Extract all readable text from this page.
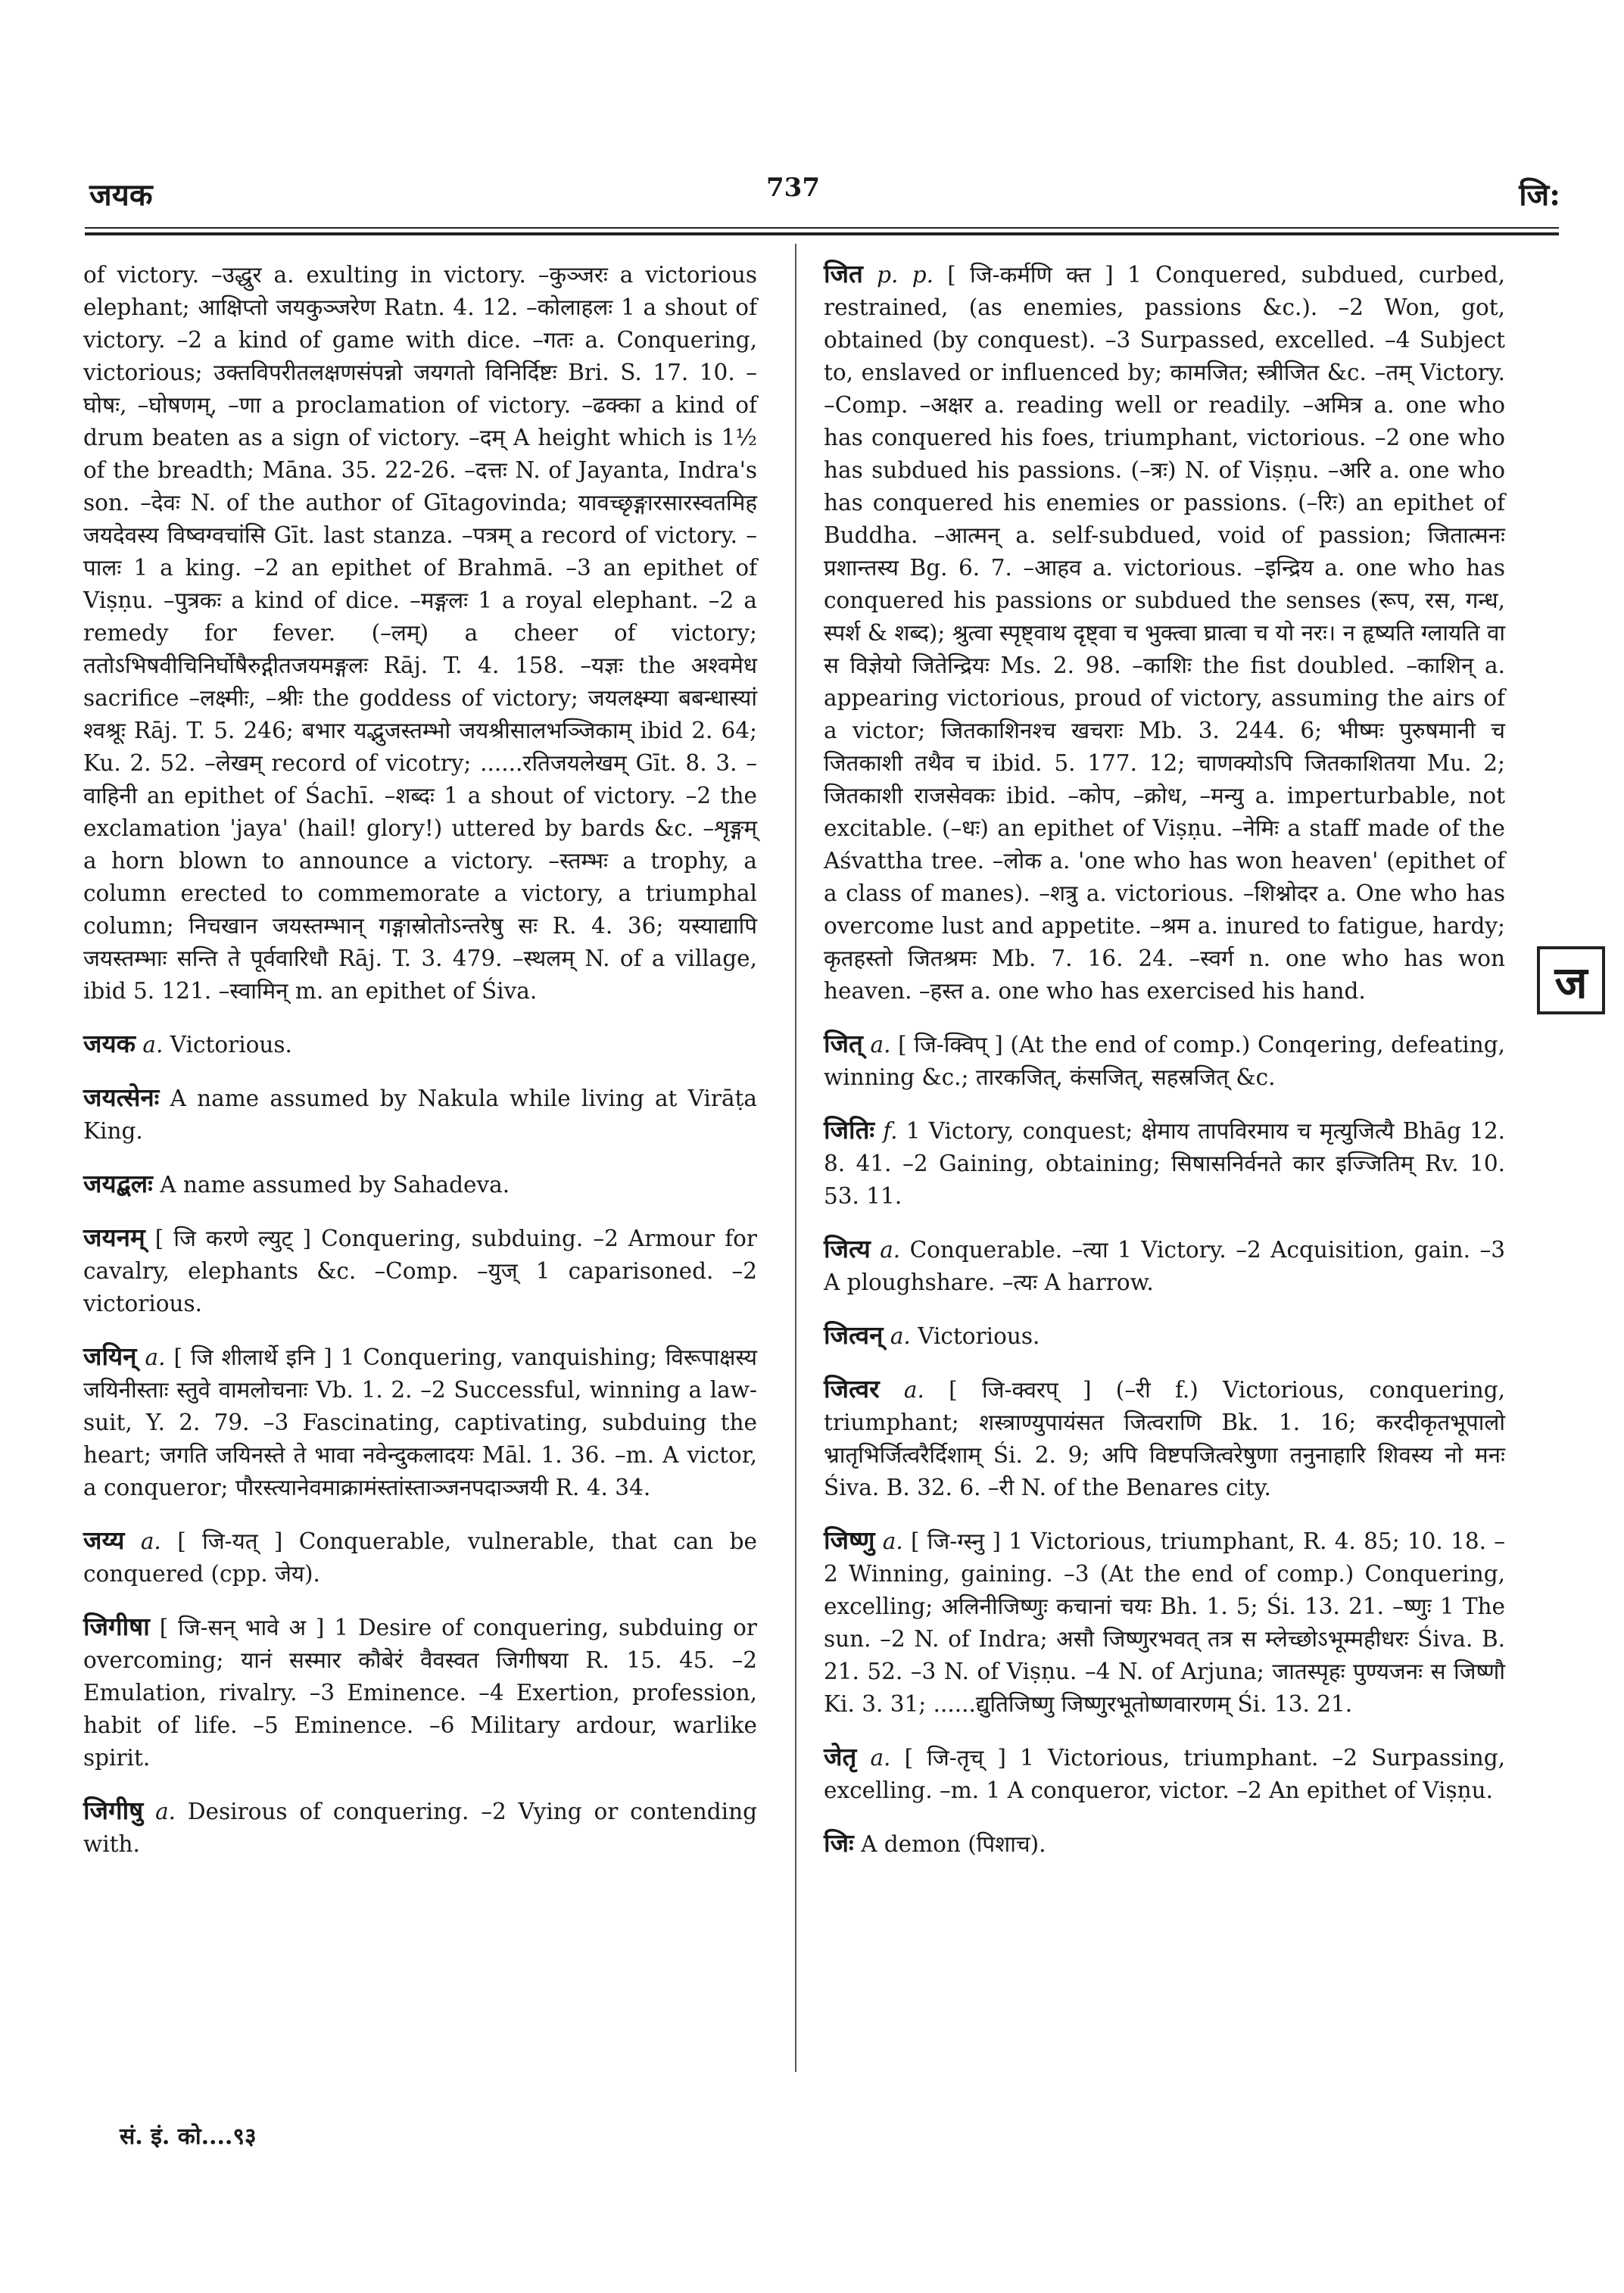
जयक	737	जि:

of victory. –उद्धुर a. exulting in victory. –कुञ्जरः a victorious elephant; आक्षिप्तो जयकुञ्जरेण Ratn. 4. 12. –कोलाहलः 1 a shout of victory. –2 a kind of game with dice. –गतः a. Conquering, victorious; उक्तविपरीतलक्षणसंपन्नो जयगतो विनिर्दिष्टः Bri. S. 17. 10. –घोषः, –घोषणम्, –णा a proclamation of victory. –ढक्का a kind of drum beaten as a sign of victory. –दम् A height which is 1½ of the breadth; Māna. 35. 22-26. –दत्तः N. of Jayanta, Indra's son. –देवः N. of the author of Gītagovinda; यावच्छृङ्गारसारस्वतमिह जयदेवस्य विष्वग्वचांसि Gīt. last stanza. –पत्रम् a record of victory. –पालः 1 a king. –2 an epithet of Brahmā. –3 an epithet of Viṣṇu. –पुत्रकः a kind of dice. –मङ्गलः 1 a royal elephant. –2 a remedy for fever. (–लम्) a cheer of victory; ततोऽभिषवीचिनिर्घोषैरुद्गीतजयमङ्गलः Rāj. T. 4. 158. –यज्ञः the अश्वमेध sacrifice –लक्ष्मीः, –श्रीः the goddess of victory; जयलक्ष्म्या बबन्धास्यां श्वश्रूः Rāj. T. 5. 246; बभार यद्भुजस्तम्भो जयश्रीसालभञ्जिकाम् ibid 2. 64; Ku. 2. 52. –लेखम् record of vicotry; ......रतिजयलेखम् Gīt. 8. 3. –वाहिनी an epithet of Śachī. –शब्दः 1 a shout of victory. –2 the exclamation 'jaya' (hail! glory!) uttered by bards &c. –शृङ्गम् a horn blown to announce a victory. –स्तम्भः a trophy, a column erected to commemorate a victory, a triumphal column; निचखान जयस्तम्भान् गङ्गास्रोतोऽन्तरेषु सः R. 4. 36; यस्याद्यापि जयस्तम्भाः सन्ति ते पूर्ववारिधौ Rāj. T. 3. 479. –स्थलम् N. of a village, ibid 5. 121. –स्वामिन् m. an epithet of Śiva.

जयक a. Victorious.

जयत्सेनः A name assumed by Nakula while living at Virāṭa King.

जयद्बलः A name assumed by Sahadeva.

जयनम् [ जि करणे ल्युट् ] Conquering, subduing. –2 Armour for cavalry, elephants &c. –Comp. –युज् 1 caparisoned. –2 victorious.

जयिन् a. [ जि शीलार्थे इनि ] 1 Conquering, vanquishing; विरूपाक्षस्य जयिनीस्ताः स्तुवे वामलोचनाः Vb. 1. 2. –2 Successful, winning a law-suit, Y. 2. 79. –3 Fascinating, captivating, subduing the heart; जगति जयिनस्ते ते भावा नवेन्दुकलादयः Māl. 1. 36. –m. A victor, a conqueror; पौरस्त्यानेवमाक्रामंस्तांस्ताञ्जनपदाञ्जयी R. 4. 34.

जय्य a. [ जि-यत् ] Conquerable, vulnerable, that can be conquered (cpp. जेय).

जिगीषा [ जि-सन् भावे अ ] 1 Desire of conquering, subduing or overcoming; यानं सस्मार कौबेरं वैवस्वत जिगीषया R. 15. 45. –2 Emulation, rivalry. –3 Eminence. –4 Exertion, profession, habit of life. –5 Eminence. –6 Military ardour, warlike spirit.

जिगीषु a. Desirous of conquering. –2 Vying or contending with.

जित p. p. [ जि-कर्मणि क्त ] 1 Conquered, subdued, curbed, restrained, (as enemies, passions &c.). –2 Won, got, obtained (by conquest). –3 Surpassed, excelled. –4 Subject to, enslaved or influenced by; कामजित; स्त्रीजित &c. –तम् Victory. –Comp. –अक्षर a. reading well or readily. –अमित्र a. one who has conquered his foes, triumphant, victorious. –2 one who has subdued his passions. (–त्रः) N. of Viṣṇu. –अरि a. one who has conquered his enemies or passions. (–रिः) an epithet of Buddha. –आत्मन् a. self-subdued, void of passion; जितात्मनः प्रशान्तस्य Bg. 6. 7. –आहव a. victorious. –इन्द्रिय a. one who has conquered his passions or subdued the senses (रूप, रस, गन्ध, स्पर्श & शब्द); श्रुत्वा स्पृष्ट्वाथ दृष्ट्वा च भुक्त्वा घ्रात्वा च यो नरः। न हृष्यति ग्लायति वा स विज्ञेयो जितेन्द्रियः Ms. 2. 98. –काशिः the fist doubled. –काशिन् a. appearing victorious, proud of victory, assuming the airs of a victor; जितकाशिनश्च खचराः Mb. 3. 244. 6; भीष्मः पुरुषमानी च जितकाशी तथैव च ibid. 5. 177. 12; चाणक्योऽपि जितकाशितया Mu. 2; जितकाशी राजसेवकः ibid. –कोप, –क्रोध, –मन्यु a. imperturbable, not excitable. (–धः) an epithet of Viṣṇu. –नेमिः a staff made of the Aśvattha tree. –लोक a. 'one who has won heaven' (epithet of a class of manes). –शत्रु a. victorious. –शिश्नोदर a. One who has overcome lust and appetite. –श्रम a. inured to fatigue, hardy; कृतहस्तो जितश्रमः Mb. 7. 16. 24. –स्वर्ग n. one who has won heaven. –हस्त a. one who has exercised his hand.

जित् a. [ जि-क्विप् ] (At the end of comp.) Conqering, defeating, winning &c.; तारकजित्, कंसजित्, सहस्रजित् &c.

जितिः f. 1 Victory, conquest; क्षेमाय तापविरमाय च मृत्युजित्यै Bhāg 12. 8. 41. –2 Gaining, obtaining; सिषासनिर्वनते कार इज्जितिम् Rv. 10. 53. 11.

जित्य a. Conquerable. –त्या 1 Victory. –2 Acquisition, gain. –3 A ploughshare. –त्यः A harrow.

जित्वन् a. Victorious.

जित्वर a. [ जि-क्वरप् ] (–री f.) Victorious, conquering, triumphant; शस्त्राण्युपायंसत जित्वराणि Bk. 1. 16; करदीकृतभूपालो भ्रातृभिर्जित्वरैर्दिशाम् Śi. 2. 9; अपि विष्टपजित्वरेषुणा तनुनाहारि शिवस्य नो मनः Śiva. B. 32. 6. –री N. of the Benares city.

जिष्णु a. [ जि-ग्स्नु ] 1 Victorious, triumphant, R. 4. 85; 10. 18. –2 Winning, gaining. –3 (At the end of comp.) Conquering, excelling; अलिनीजिष्णुः कचानां चयः Bh. 1. 5; Śi. 13. 21. –ष्णुः 1 The sun. –2 N. of Indra; असौ जिष्णुरभवत् तत्र स म्लेच्छोऽभूम्महीधरः Śiva. B. 21. 52. –3 N. of Viṣṇu. –4 N. of Arjuna; जातस्पृहः पुण्यजनः स जिष्णौ Ki. 3. 31; ......द्युतिजिष्णु जिष्णुरभूतोष्णवारणम् Śi. 13. 21.

जेतृ a. [ जि-तृच् ] 1 Victorious, triumphant. –2 Surpassing, excelling. –m. 1 A conqueror, victor. –2 An epithet of Viṣṇu.

जिः A demon (पिशाच).

ज
सं. इं. को....९३
